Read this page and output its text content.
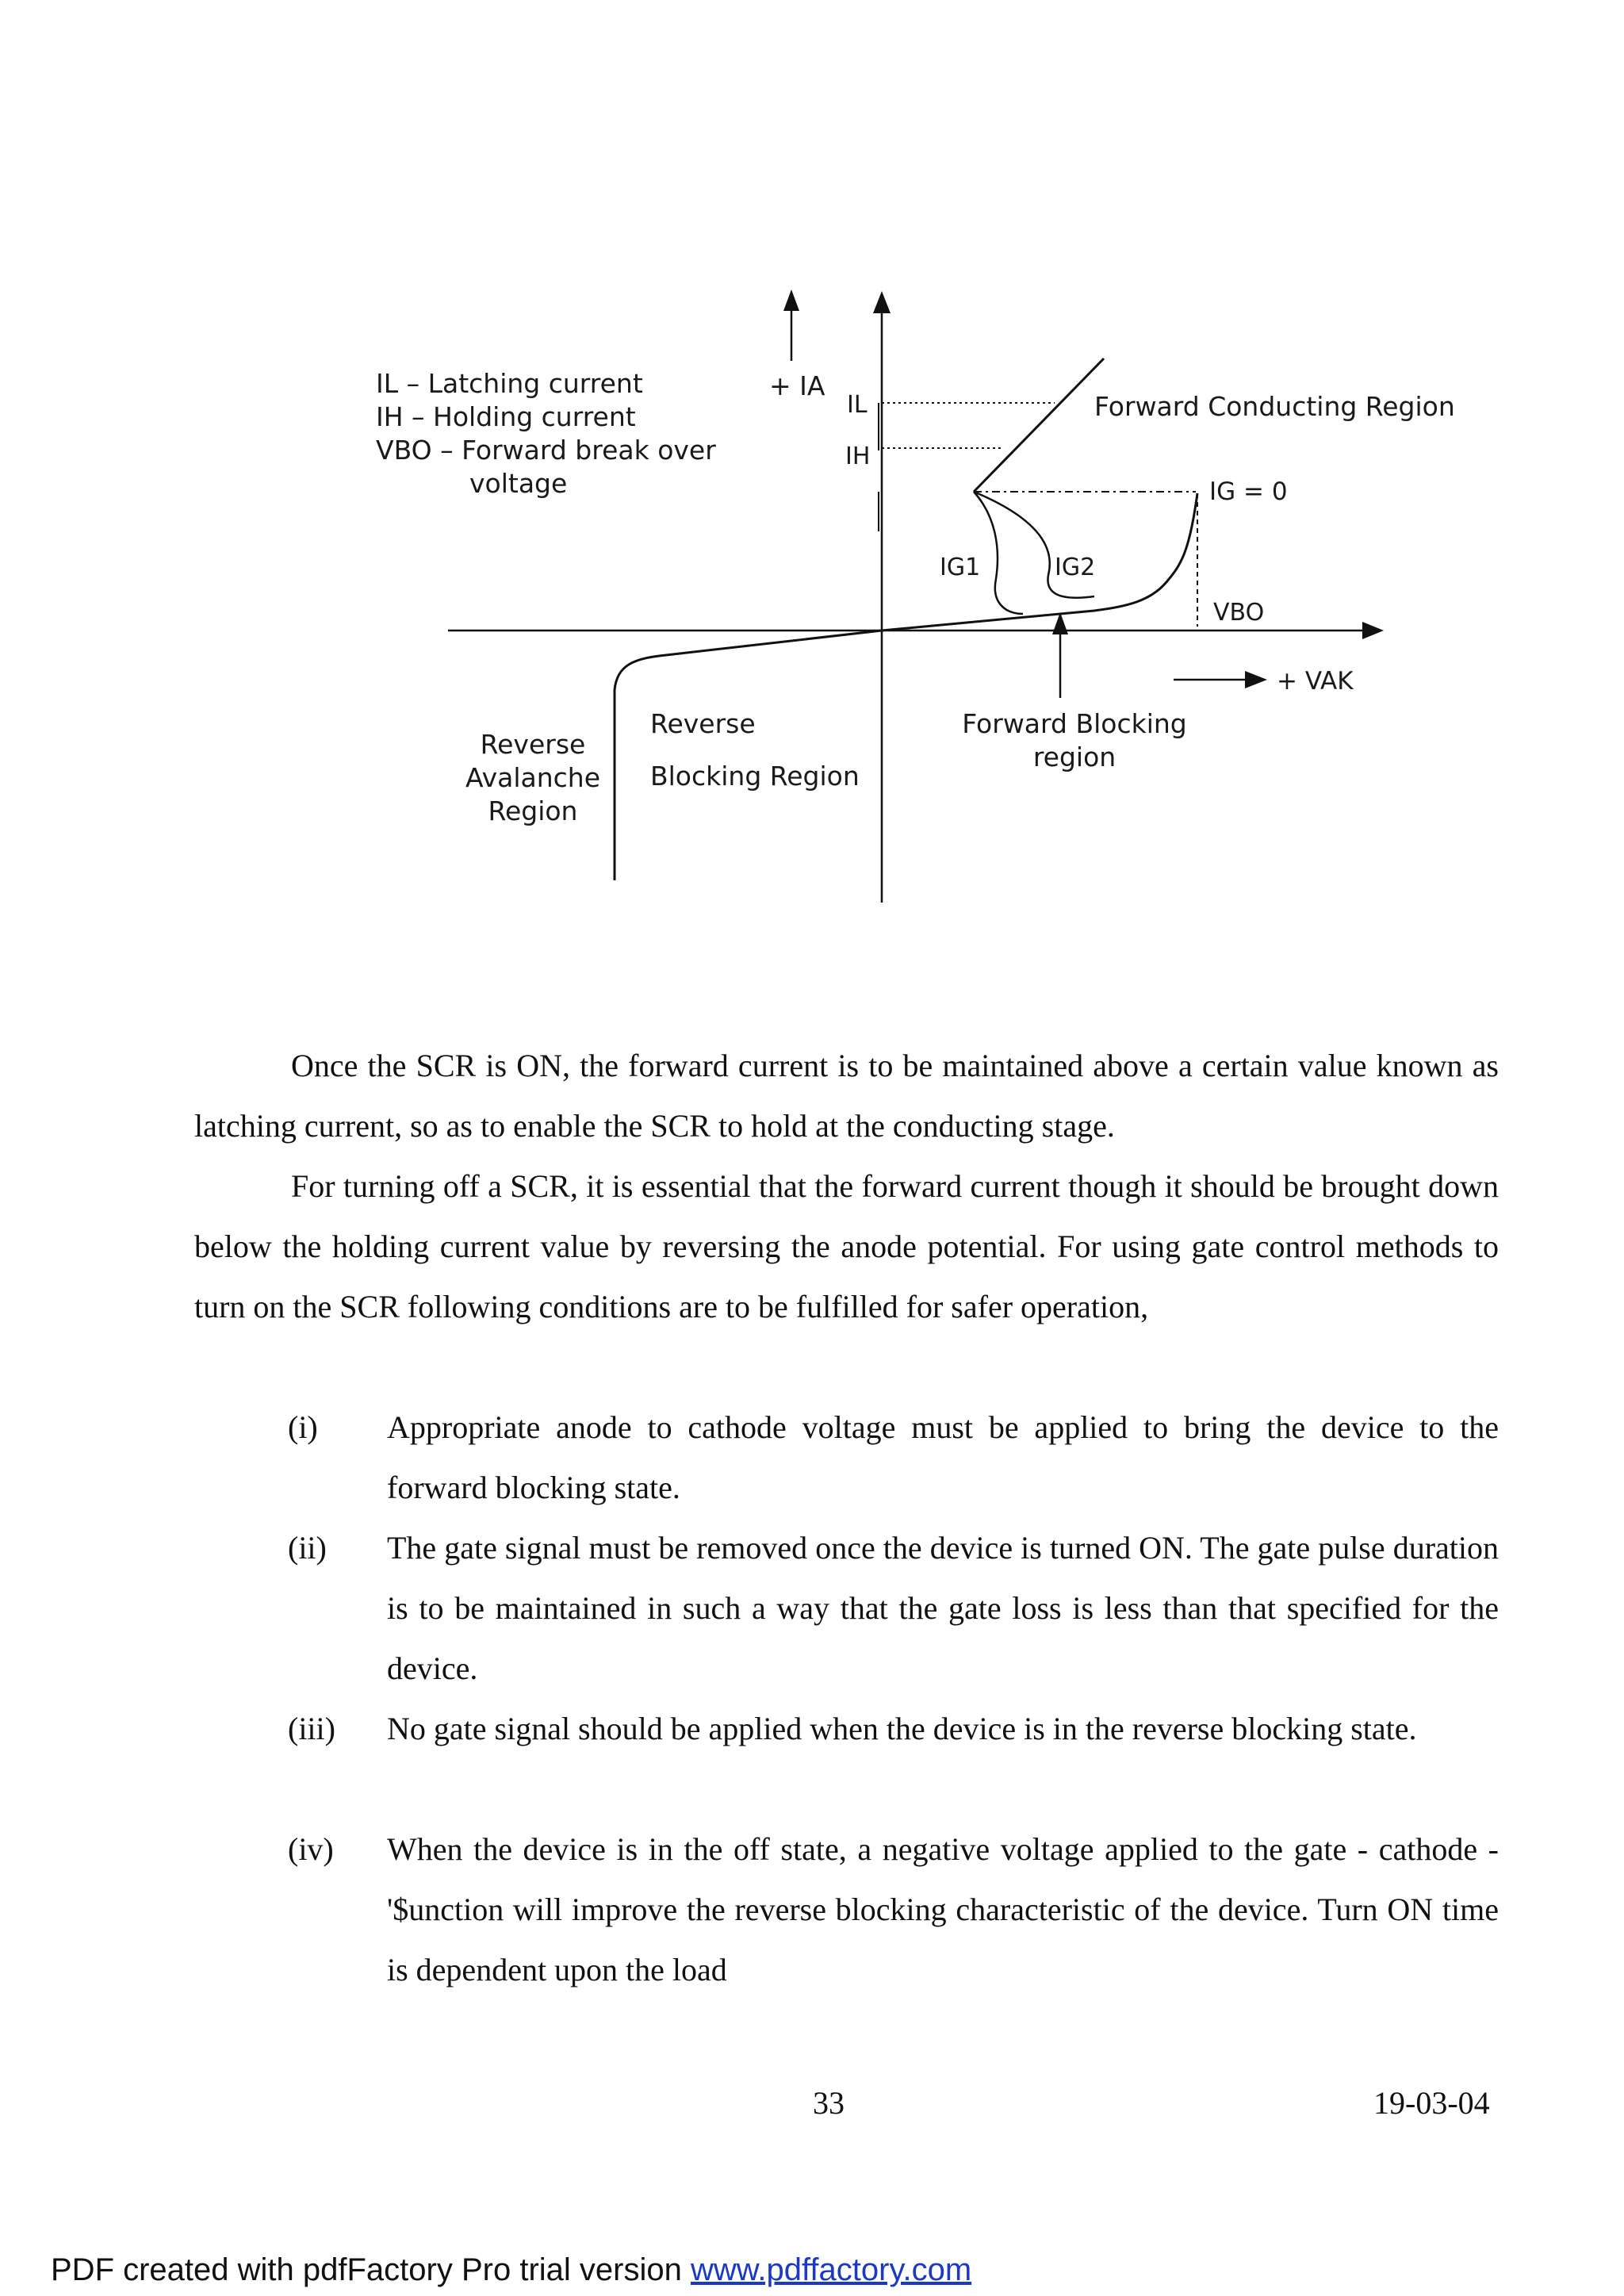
IL – Latching current
IH – Holding current
VBO – Forward break over
voltage
+ IA
+ VAK
IL
IH
IG1	IG2
IG = 0
VBO
Forward Conducting Region
Forward Blocking
region
Reverse
Blocking Region
Reverse
Avalanche
Region

Once the SCR is ON, the forward current is to be maintained above a certain value known as latching current, so as to enable the SCR to hold at the conducting stage.

For turning off a SCR, it is essential that the forward current though it should be brought down below the holding current value by reversing the anode potential. For using gate control methods to turn on the SCR following conditions are to be fulfilled for safer operation,

(i) Appropriate anode to cathode voltage must be applied to bring the device to the forward blocking state.
(ii) The gate signal must be removed once the device is turned ON. The gate pulse duration is to be maintained in such a way that the gate loss is less than that specified for the device.
(iii) No gate signal should be applied when the device is in the reverse blocking state.
(iv) When the device is in the off state, a negative voltage applied to the gate - cathode -'$unction will improve the reverse blocking characteristic of the device. Turn ON time is dependent upon the load
33	19-03-04
PDF created with pdfFactory Pro trial version www.pdffactory.com
